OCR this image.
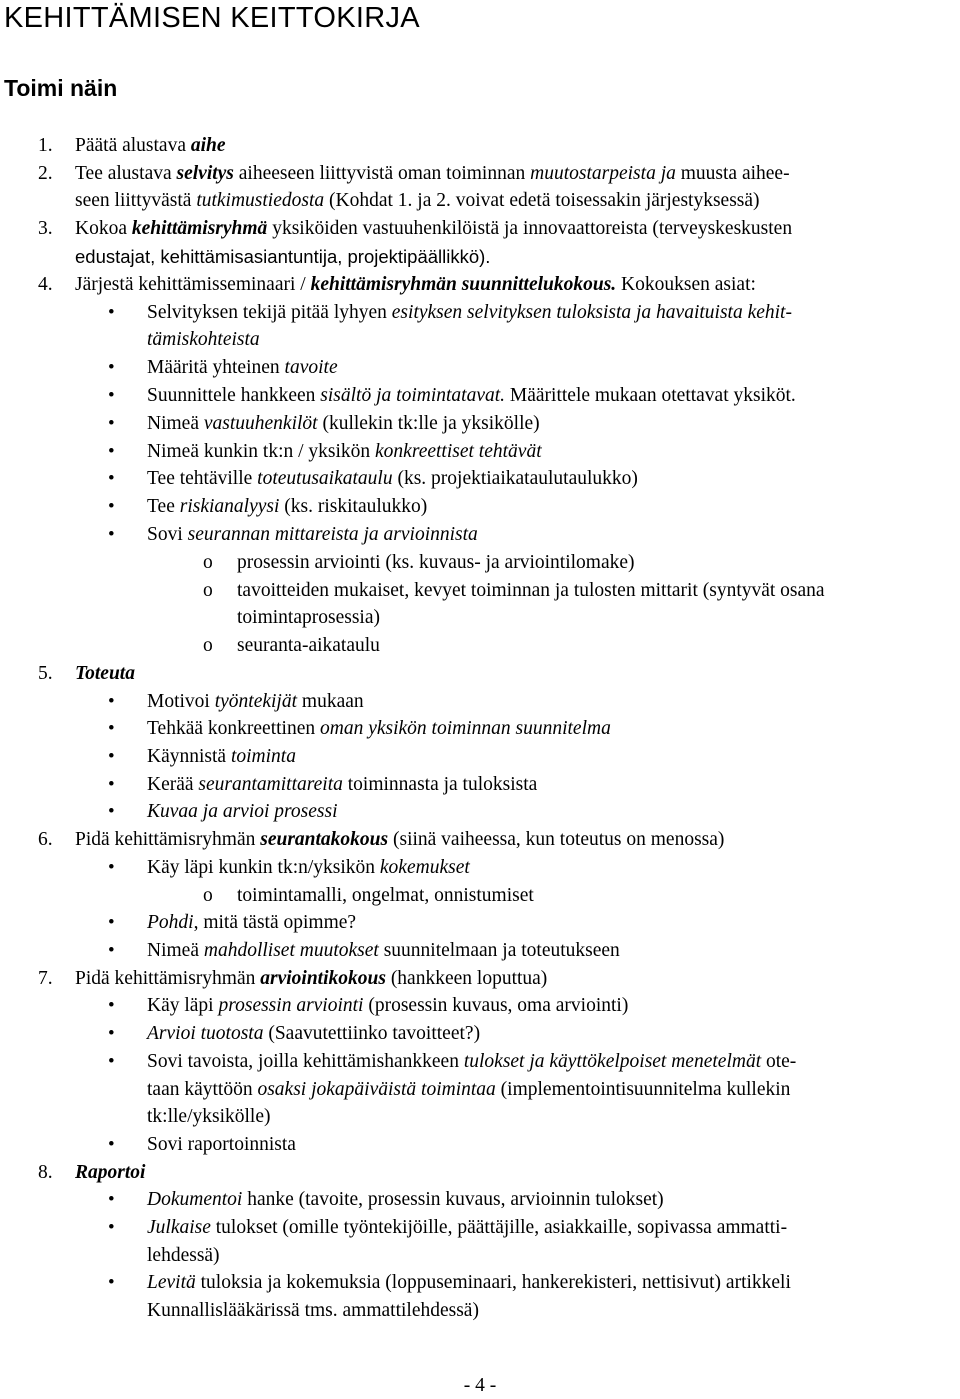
KEHITTÄMISEN KEITTOKIRJA
Toimi näin
1. Päätä alustava aihe
2. Tee alustava selvitys aiheeseen liittyvistä oman toiminnan muutostarpeista ja muusta aihee-
seen liittyvästä tutkimustiedosta (Kohdat 1. ja 2. voivat edetä toisessakin järjestyksessä)
3. Kokoa kehittämisryhmä yksiköiden vastuuhenkilöistä ja innovaattoreista (terveyskeskusten
edustajat, kehittämisasiantuntija, projektipäällikkö).
4. Järjestä kehittämisseminaari / kehittämisryhmän suunnittelukokous. Kokouksen asiat:
• Selvityksen tekijä pitää lyhyen esityksen selvityksen tuloksista ja havaituista kehit-
tämiskohteista
• Määritä yhteinen tavoite
• Suunnittele hankkeen sisältö ja toimintatavat. Määrittele mukaan otettavat yksiköt.
• Nimeä vastuuhenkilöt (kullekin tk:lle ja yksikölle)
• Nimeä kunkin tk:n / yksikön konkreettiset tehtävät
• Tee tehtäville toteutusaikataulu (ks. projektiaikataulutaulukko)
• Tee riskianalyysi (ks. riskitaulukko)
• Sovi seurannan mittareista ja arvioinnista
o prosessin arviointi (ks. kuvaus- ja arviointilomake)
o tavoitteiden mukaiset, kevyet toiminnan ja tulosten mittarit (syntyvät osana
toimintaprosessia)
o seuranta-aikataulu
5. Toteuta
• Motivoi työntekijät mukaan
• Tehkää konkreettinen oman yksikön toiminnan suunnitelma
• Käynnistä toiminta
• Kerää seurantamittareita toiminnasta ja tuloksista
• Kuvaa ja arvioi prosessi
6. Pidä kehittämisryhmän seurantakokous (siinä vaiheessa, kun toteutus on menossa)
• Käy läpi kunkin tk:n/yksikön kokemukset
o toimintamalli, ongelmat, onnistumiset
• Pohdi, mitä tästä opimme?
• Nimeä mahdolliset muutokset suunnitelmaan ja toteutukseen
7. Pidä kehittämisryhmän arviointikokous (hankkeen loputtua)
• Käy läpi prosessin arviointi (prosessin kuvaus, oma arviointi)
• Arvioi tuotosta (Saavutettiinko tavoitteet?)
• Sovi tavoista, joilla kehittämishankkeen tulokset ja käyttökelpoiset menetelmät ote-
taan käyttöön osaksi jokapäiväistä toimintaa (implementointisuunnitelma kullekin
tk:lle/yksikölle)
• Sovi raportoinnista
8. Raportoi
• Dokumentoi hanke (tavoite, prosessin kuvaus, arvioinnin tulokset)
• Julkaise tulokset (omille työntekijöille, päättäjille, asiakkaille, sopivassa ammatti-
lehdessä)
• Levitä tuloksia ja kokemuksia (loppuseminaari, hankerekisteri, nettisivut) artikkeli
Kunnallislääkärissä tms. ammattilehdessä)
- 4 -
